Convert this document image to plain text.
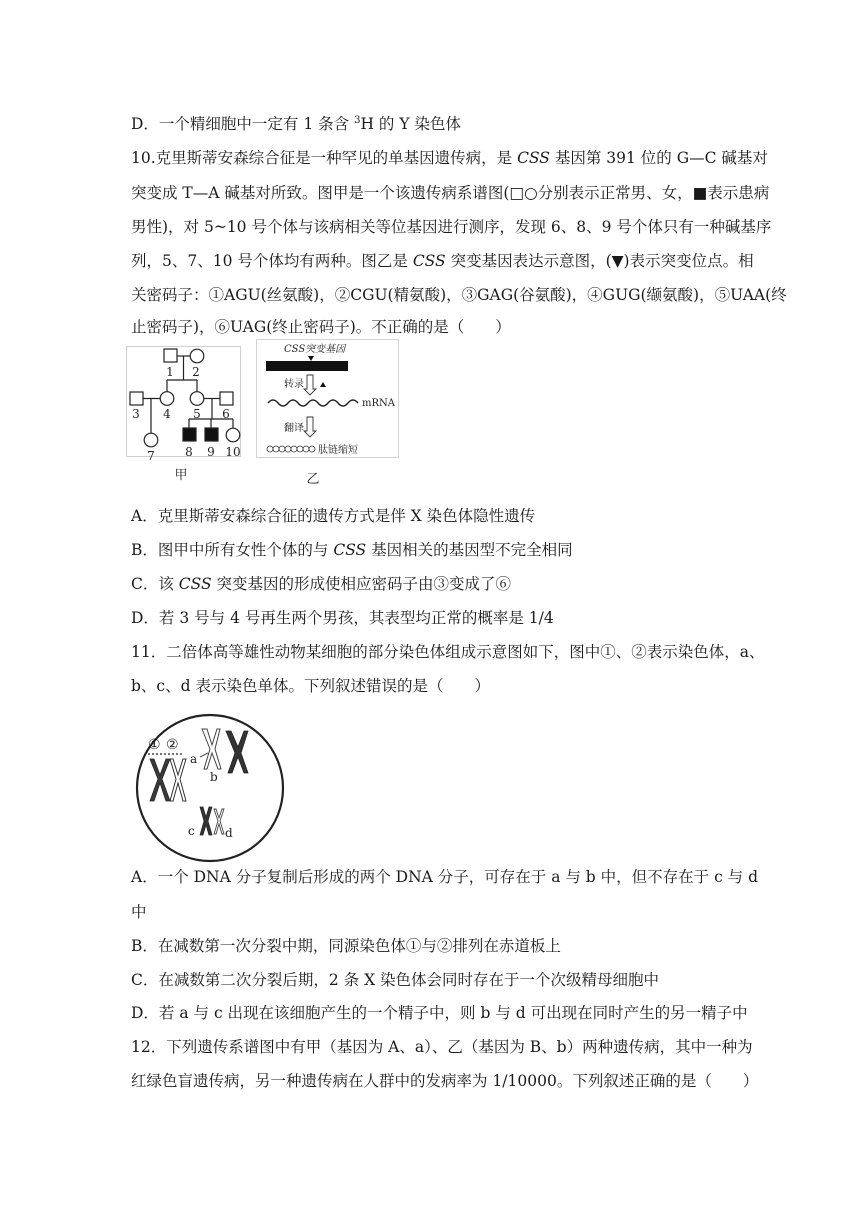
D．一个精细胞中一定有 1 条含 $^3$H 的 Y 染色体
10.克里斯蒂安森综合征是一种罕见的单基因遗传病，是 CSS 基因第 391 位的 G—C 碱基对
突变成 T—A 碱基对所致。图甲是一个该遗传病系谱图(□○分别表示正常男、女，■表示患病
男性)，对 5~10 号个体与该病相关等位基因进行测序，发现 6、8、9 号个体只有一种碱基序
列，5、7、10 号个体均有两种。图乙是 CSS 突变基因表达示意图，(▼)表示突变位点。相
关密码子：①AGU(丝氨酸)，②CGU(精氨酸)，③GAG(谷氨酸)，④GUG(缬氨酸)，⑤UAA(终
止密码子)，⑥UAG(终止密码子)。不正确的是（　　）
1 2
3 4 5 6
7	8 9 10
甲
CSS突变基因
转录
mRNA
翻译
肽链缩短
乙
A．克里斯蒂安森综合征的遗传方式是伴 X 染色体隐性遗传
B．图甲中所有女性个体的与 CSS 基因相关的基因型不完全相同
C．该 CSS 突变基因的形成使相应密码子由③变成了⑥
D．若 3 号与 4 号再生两个男孩，其表型均正常的概率是 1/4
11．二倍体高等雄性动物某细胞的部分染色体组成示意图如下，图中①、②表示染色体，a、
b、c、d 表示染色单体。下列叙述错误的是（　　）
① ②
a
b
c	d
A．一个 DNA 分子复制后形成的两个 DNA 分子，可存在于 a 与 b 中，但不存在于 c 与 d
中
B．在减数第一次分裂中期，同源染色体①与②排列在赤道板上
C．在减数第二次分裂后期，2 条 X 染色体会同时存在于一个次级精母细胞中
D．若 a 与 c 出现在该细胞产生的一个精子中，则 b 与 d 可出现在同时产生的另一精子中
12．下列遗传系谱图中有甲（基因为 A、a）、乙（基因为 B、b）两种遗传病，其中一种为
红绿色盲遗传病，另一种遗传病在人群中的发病率为 1/10000。下列叙述正确的是（　　）
